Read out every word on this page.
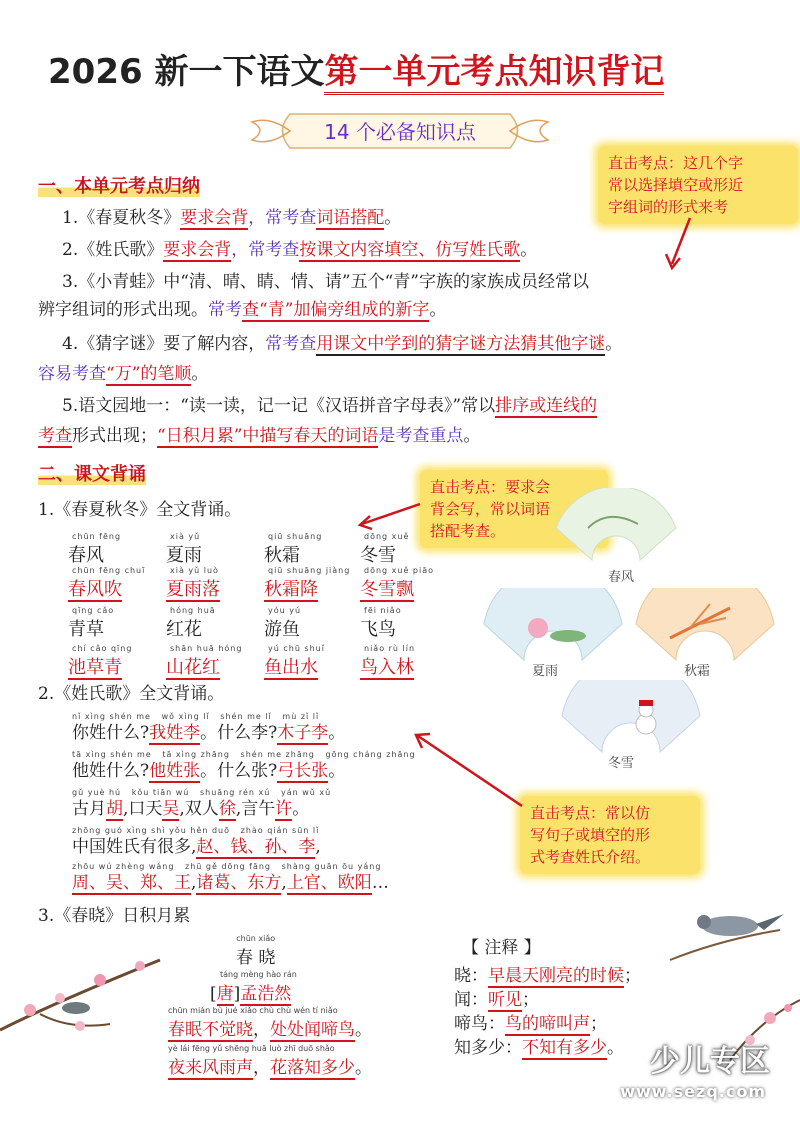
2026 新一下语文第一单元考点知识背记
14 个必备知识点
直击考点：这几个字
常以选择填空或形近
字组词的形式来考
一、本单元考点归纳
1.《春夏秋冬》要求会背，常考查词语搭配。
2.《姓氏歌》要求会背，常考查按课文内容填空、仿写姓氏歌。
3.《小青蛙》中“清、晴、睛、情、请”五个“青”字族的家族成员经常以
辨字组词的形式出现。常考查“青”加偏旁组成的新字。
4.《猜字谜》要了解内容，常考查用课文中学到的猜字谜方法猜其他字谜。
容易考查“万”的笔顺。
5.语文园地一：“读一读，记一记《汉语拼音字母表》”常以排序或连线的
考查形式出现；“日积月累”中描写春天的词语是考查重点。
二、课文背诵
直击考点：要求会
背会写，常以词语
搭配考查。
1.《春夏秋冬》全文背诵。
chūn fēng
春风
xià yǔ
夏雨
qiū shuāng
秋霜
dōng xuě
冬雪
chūn fēng chuī
春风吹
xià yǔ luò
夏雨落
qiū shuāng jiàng
秋霜降
dōng xuě piāo
冬雪飘
qīng cǎo
青草
hóng huā
红花
yóu yú
游鱼
fēi niǎo
飞鸟
chí cǎo qīng
池草青
shān huā hóng
山花红
yú chū shuǐ
鱼出水
niǎo rù lín
鸟入林
春风
夏雨	秋霜
冬雪
2.《姓氏歌》全文背诵。
nǐ xìng shén me   wǒ xìng lǐ   shén me lǐ   mù zǐ lǐ
你姓什么?我姓李。什么李?木子李。
tā xìng shén me   tā xìng zhāng   shén me zhāng   gōng cháng zhāng
他姓什么?他姓张。什么张?弓长张。
gǔ yuè hú   kǒu tiān wú   shuāng rén xú   yán wǔ xǔ
古月胡,口天吴,双人徐,言午许。
zhōng guó xìng shì yǒu hěn duō   zhào qián sūn lǐ
中国姓氏有很多,赵、钱、孙、李,
zhōu wú zhèng wáng   zhū gě dōng fāng   shàng guān ōu yáng
周、吴、郑、王,诸葛、东方,上官、欧阳…
直击考点：常以仿
写句子或填空的形
式考查姓氏介绍。
3.《春晓》日积月累
chūn xiǎo
春 晓
táng mèng hào rán
[唐]孟浩然
chūn mián bù jué xiǎo chù chù wén tí niǎo
春眠不觉晓，处处闻啼鸟。
yè lái fēng yǔ shēng huā luò zhī duō shǎo
夜来风雨声，花落知多少。
【 注释 】
晓：早晨天刚亮的时候；
闻：听见；
啼鸟：鸟的啼叫声；
知多少：不知有多少。 少儿专区
www.sezq.com
